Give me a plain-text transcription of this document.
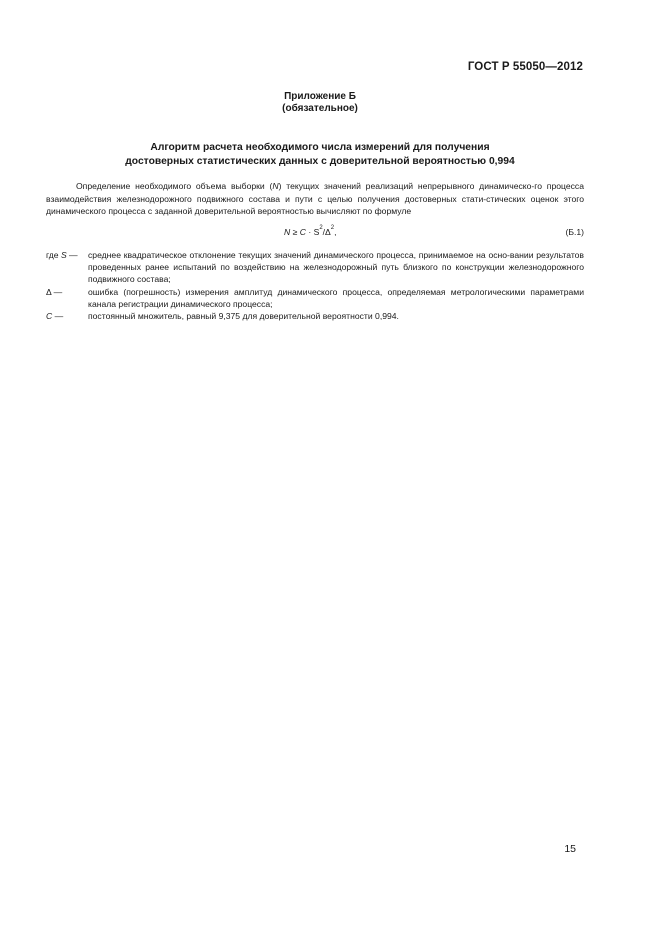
ГОСТ Р 55050—2012
Приложение Б
(обязательное)
Алгоритм расчета необходимого числа измерений для получения
достоверных статистических данных с доверительной вероятностью 0,994

Определение необходимого объема выборки (N) текущих значений реализаций непрерывного динамическо-го процесса взаимодействия железнодорожного подвижного состава и пути с целью получения достоверных стати-стических оценок этого динамического процесса с заданной доверительной вероятностью вычисляют по формуле

$N \ge C \cdot S^2/\Delta^2$,	(Б.1)
где S —	среднее квадратическое отклонение текущих значений динамического процесса, принимаемое на осно-вании результатов проведенных ранее испытаний по воздействию на железнодорожный путь близкого по конструкции железнодорожного подвижного состава;
Δ —	ошибка (погрешность) измерения амплитуд динамического процесса, определяемая метрологическими параметрами канала регистрации динамического процесса;
C —	постоянный множитель, равный 9,375 для доверительной вероятности 0,994.
15
